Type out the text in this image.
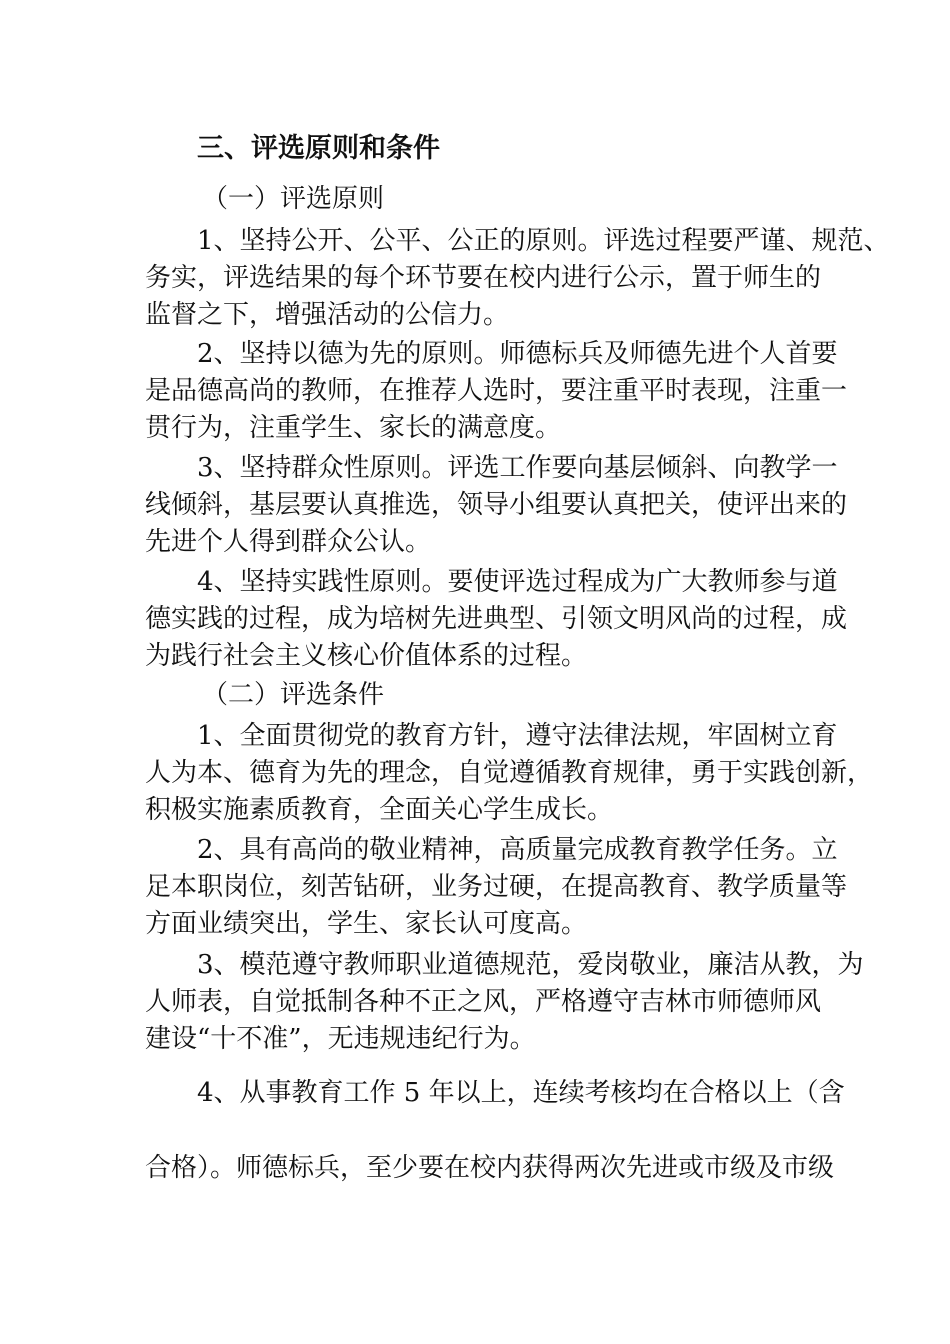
三、评选原则和条件
（一）评选原则
1、坚持公开、公平、公正的原则。评选过程要严谨、规范、
务实，评选结果的每个环节要在校内进行公示，置于师生的
监督之下，增强活动的公信力。
2、坚持以德为先的原则。师德标兵及师德先进个人首要
是品德高尚的教师，在推荐人选时，要注重平时表现，注重一
贯行为，注重学生、家长的满意度。
3、坚持群众性原则。评选工作要向基层倾斜、向教学一
线倾斜，基层要认真推选，领导小组要认真把关，使评出来的
先进个人得到群众公认。
4、坚持实践性原则。要使评选过程成为广大教师参与道
德实践的过程，成为培树先进典型、引领文明风尚的过程，成
为践行社会主义核心价值体系的过程。
（二）评选条件
1、全面贯彻党的教育方针，遵守法律法规，牢固树立育
人为本、德育为先的理念，自觉遵循教育规律，勇于实践创新，
积极实施素质教育，全面关心学生成长。
2、具有高尚的敬业精神，高质量完成教育教学任务。立
足本职岗位，刻苦钻研，业务过硬，在提高教育、教学质量等
方面业绩突出，学生、家长认可度高。
3、模范遵守教师职业道德规范，爱岗敬业，廉洁从教，为
人师表，自觉抵制各种不正之风，严格遵守吉林市师德师风
建设“十不准”，无违规违纪行为。
4、从事教育工作 5 年以上，连续考核均在合格以上（含
合格）。师德标兵，至少要在校内获得两次先进或市级及市级
